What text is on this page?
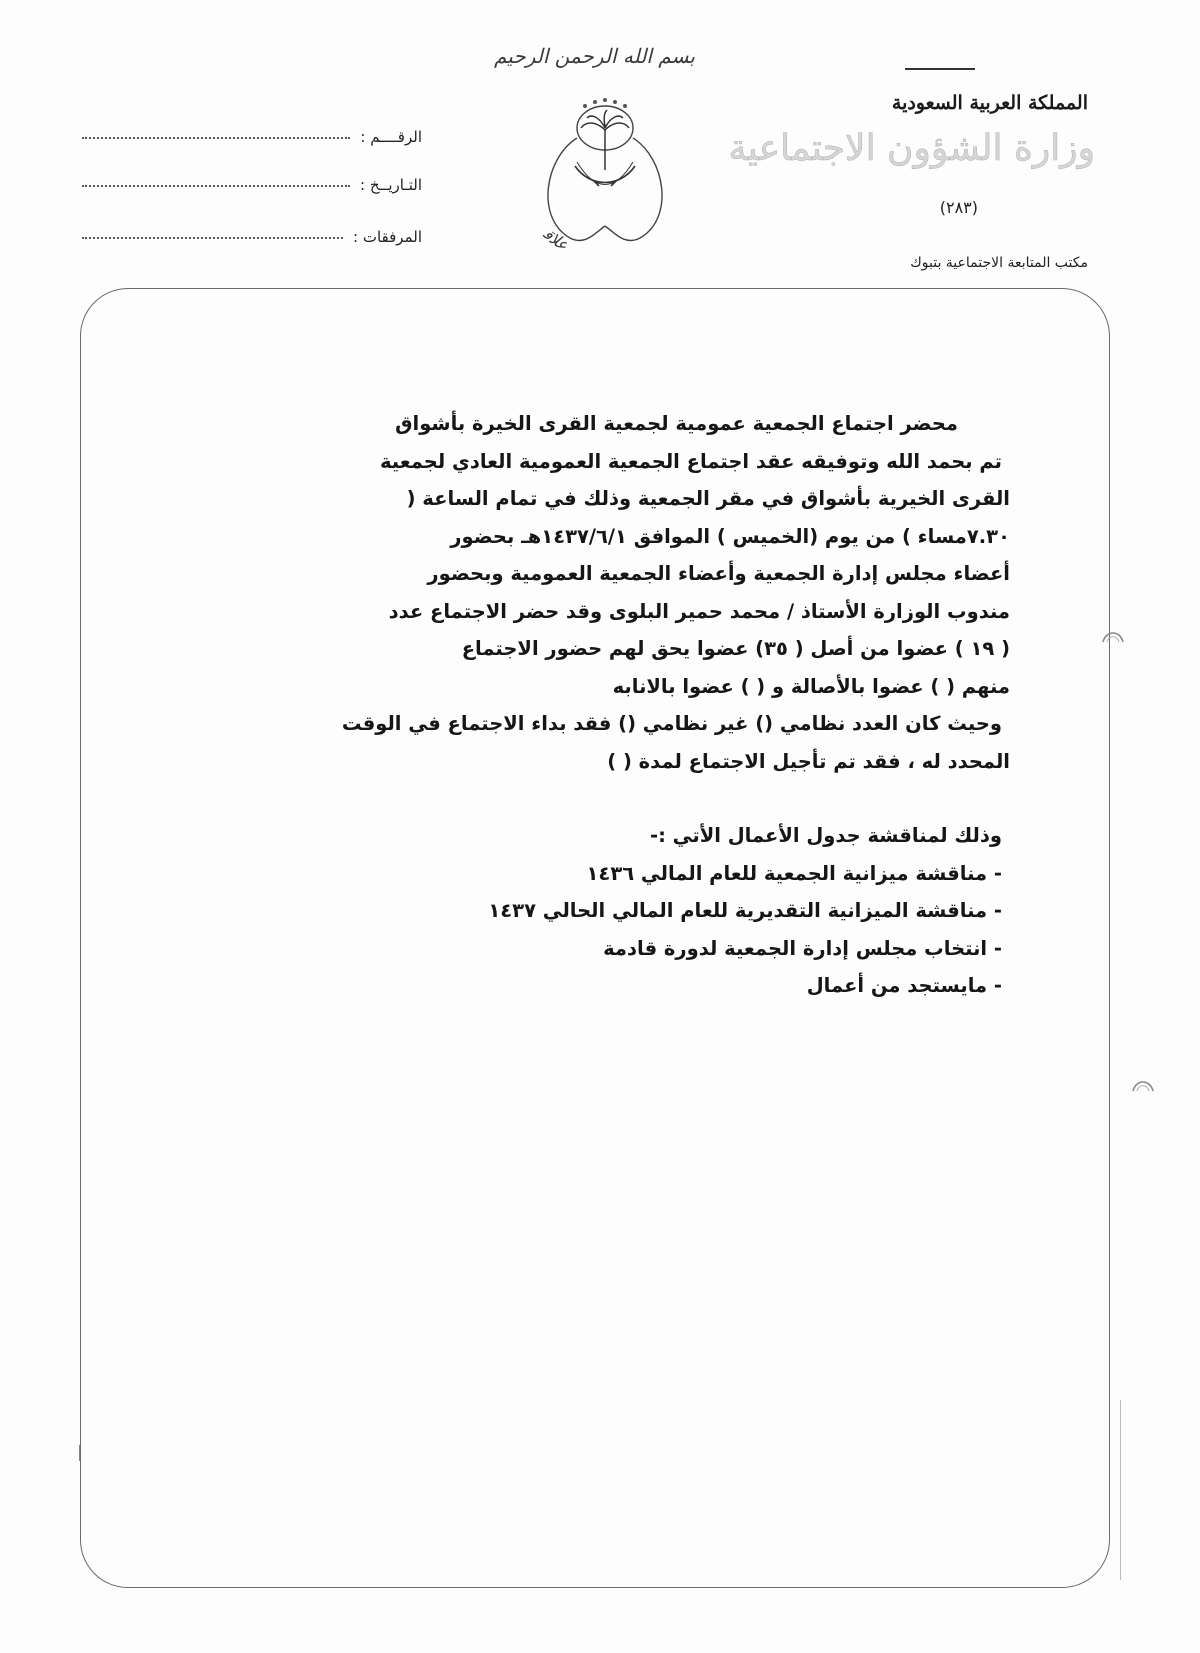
المملكة العربية السعودية
وزارة الشؤون الاجتماعية
(٢٨٣)
مكتب المتابعة الاجتماعية بتبوك
بسم الله الرحمن الرحيم
علاقات
الرقــــم :
التـاريــخ :
المرفقات :

محضر اجتماع الجمعية عمومية لجمعية القرى الخيرة بأشواق

تم بحمد الله وتوفيقه عقد اجتماع الجمعية العمومية العادي لجمعية

القرى الخيرية بأشواق في مقر الجمعية وذلك في تمام الساعة (

٧.٣٠مساء ) من يوم (الخميس ) الموافق ١٤٣٧/٦/١هـ بحضور

أعضاء مجلس إدارة الجمعية وأعضاء الجمعية العمومية وبحضور

مندوب الوزارة الأستاذ / محمد حمير البلوى وقد حضر الاجتماع عدد

( ١٩ ) عضوا من أصل ( ٣٥) عضوا يحق لهم حضور الاجتماع

منهم ( ) عضوا بالأصالة و ( ) عضوا بالانابه

وحيث كان العدد نظامي () غير نظامي () فقد بداء الاجتماع في الوقت

المحدد له ، فقد تم تأجيل الاجتماع لمدة ( )

وذلك لمناقشة جدول الأعمال الأتي :-

- مناقشة ميزانية الجمعية للعام المالي ١٤٣٦

- مناقشة الميزانية التقديرية للعام المالي الحالي ١٤٣٧

- انتخاب مجلس إدارة الجمعية لدورة قادمة

- مايستجد من أعمال
